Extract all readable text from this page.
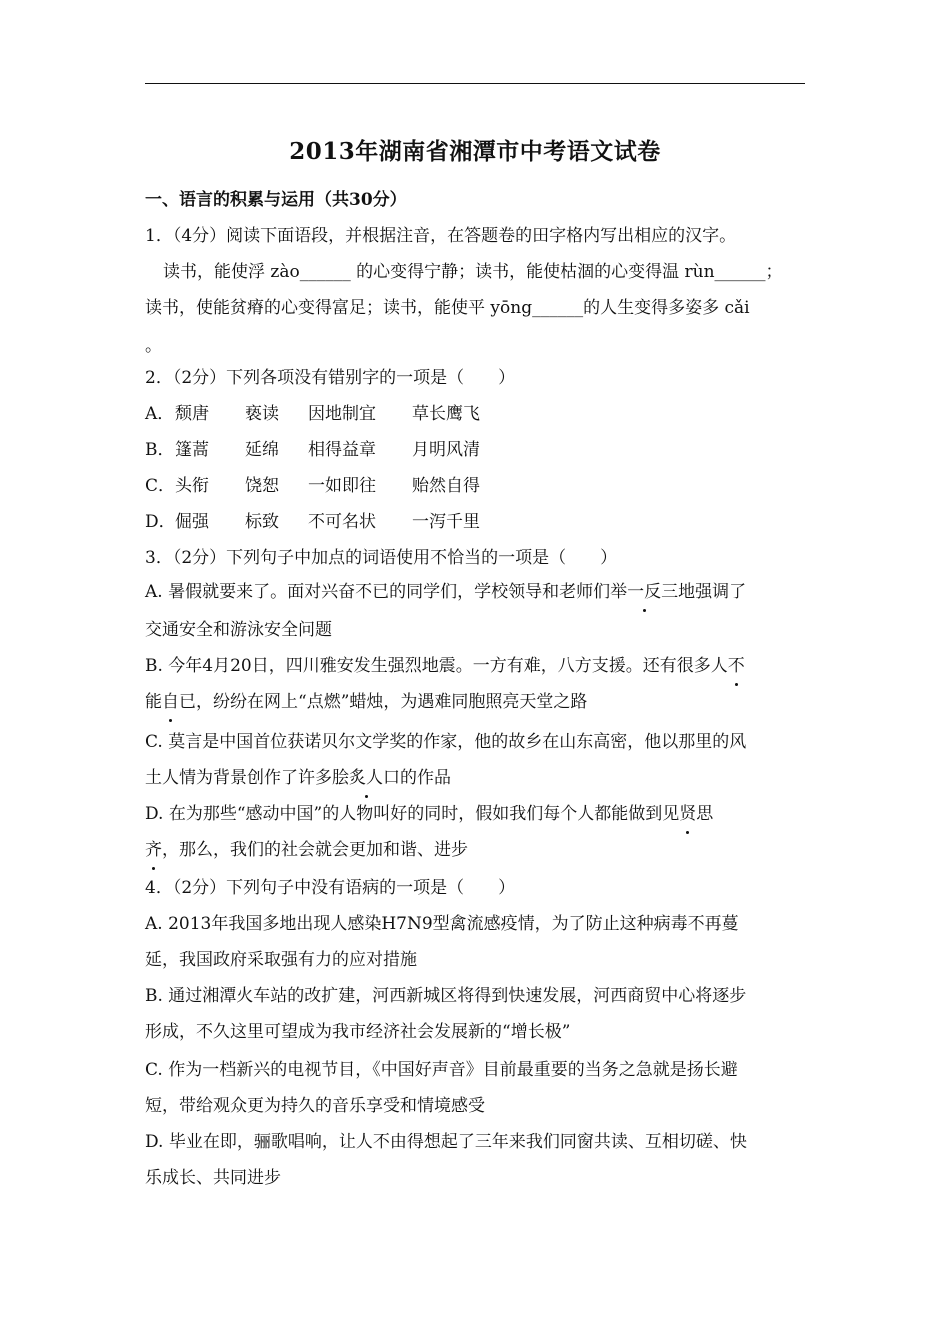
2013年湖南省湘潭市中考语文试卷
一、语言的积累与运用（共30分）
1．（4分）阅读下面语段，并根据注音，在答题卷的田字格内写出相应的汉字。
读书，能使浮 zào______ 的心变得宁静；读书，能使枯涸的心变得温 rùn______；
读书，使能贫瘠的心变得富足；读书，能使平 yōng______的人生变得多姿多 cǎi
。
2．（2分）下列各项没有错别字的一项是（　　）
A．颓唐 亵读 因地制宜 草长鹰飞
B．篷蒿 延绵 相得益章 月明风清
C．头衔 饶恕 一如即往 贻然自得
D．倔强 标致 不可名状 一泻千里
3．（2分）下列句子中加点的词语使用不恰当的一项是（　　）
A. 暑假就要来了。面对兴奋不已的同学们，学校领导和老师们举一反三地强调了
交通安全和游泳安全问题
B. 今年4月20日，四川雅安发生强烈地震。一方有难，八方支援。还有很多人不
能自已，纷纷在网上“点燃”蜡烛，为遇难同胞照亮天堂之路
C. 莫言是中国首位获诺贝尔文学奖的作家，他的故乡在山东高密，他以那里的风
土人情为背景创作了许多脍炙人口的作品
D. 在为那些“感动中国”的人物叫好的同时，假如我们每个人都能做到见贤思
齐，那么，我们的社会就会更加和谐、进步
4．（2分）下列句子中没有语病的一项是（　　）
A. 2013年我国多地出现人感染H7N9型禽流感疫情，为了防止这种病毒不再蔓
延，我国政府采取强有力的应对措施
B. 通过湘潭火车站的改扩建，河西新城区将得到快速发展，河西商贸中心将逐步
形成，不久这里可望成为我市经济社会发展新的“增长极”
C. 作为一档新兴的电视节目，《中国好声音》目前最重要的当务之急就是扬长避
短，带给观众更为持久的音乐享受和情境感受
D. 毕业在即，骊歌唱响，让人不由得想起了三年来我们同窗共读、互相切磋、快
乐成长、共同进步
